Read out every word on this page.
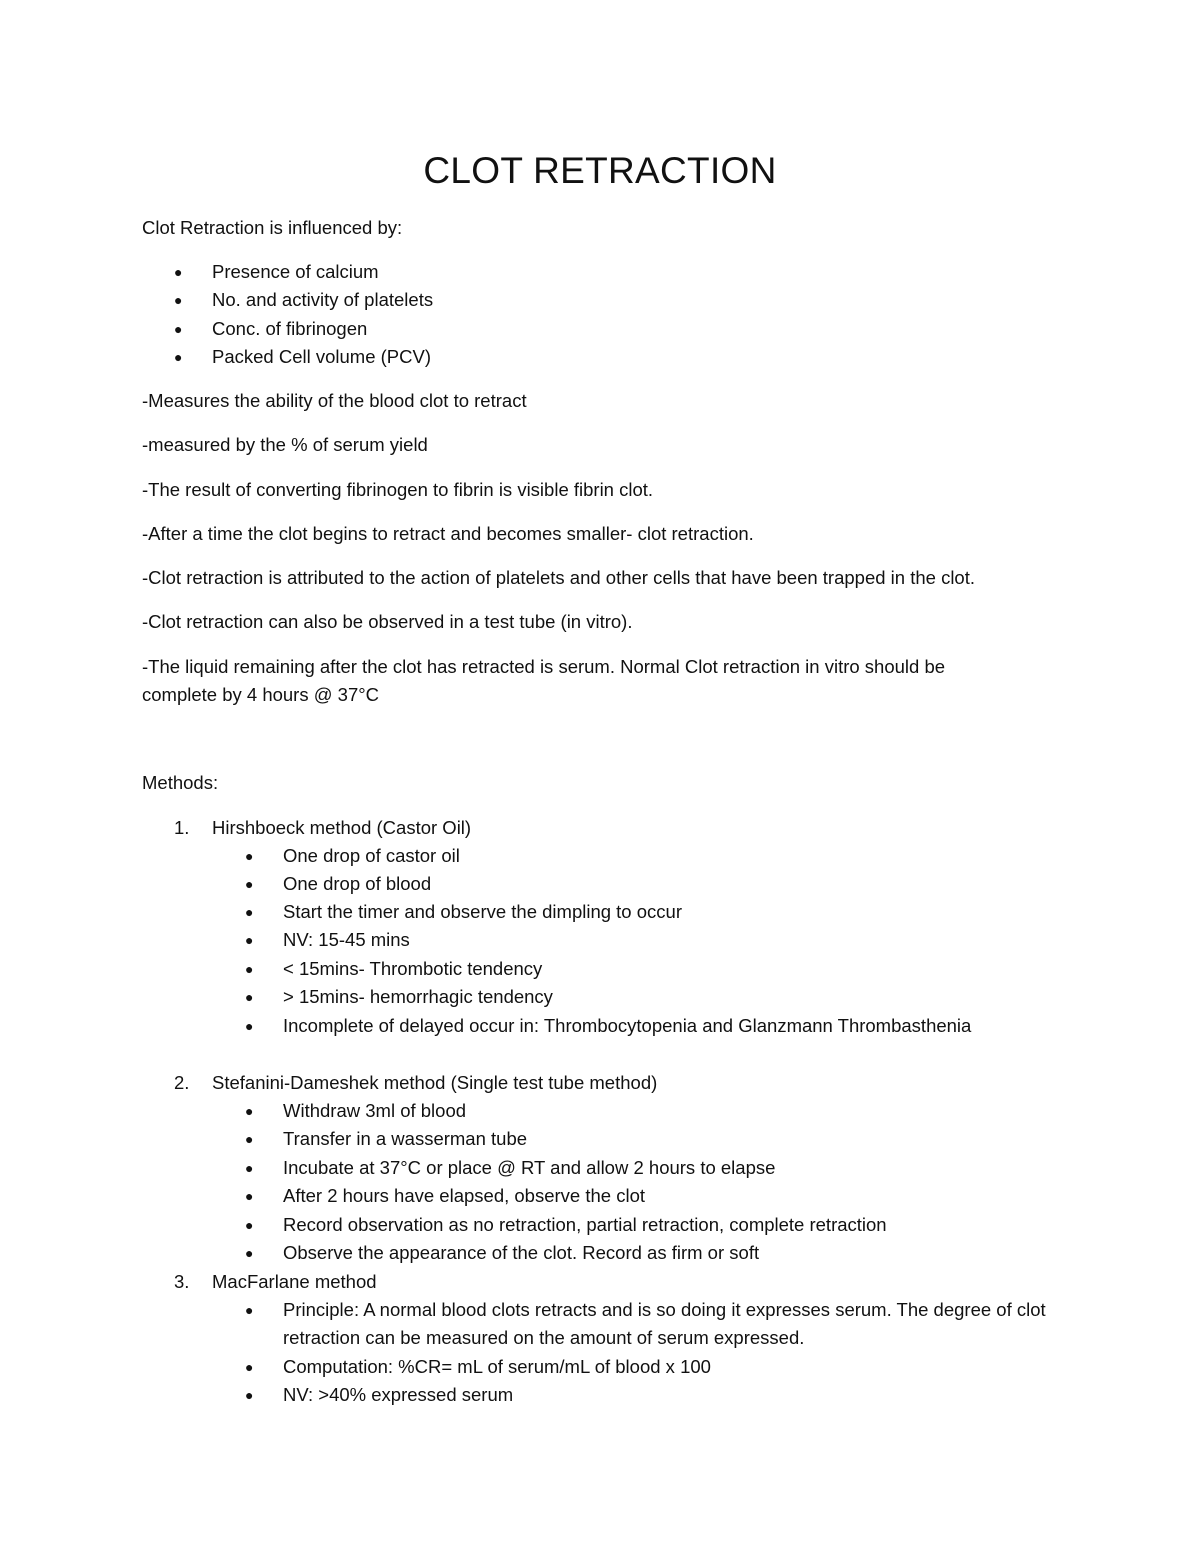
CLOT RETRACTION
Clot Retraction is influenced by:
● Presence of calcium
● No. and activity of platelets
● Conc. of fibrinogen
● Packed Cell volume (PCV)
-Measures the ability of the blood clot to retract
-measured by the % of serum yield
-The result of converting fibrinogen to fibrin is visible fibrin clot.
-After a time the clot begins to retract and becomes smaller- clot retraction.
-Clot retraction is attributed to the action of platelets and other cells that have been trapped in the clot.
-Clot retraction can also be observed in a test tube (in vitro).
-The liquid remaining after the clot has retracted is serum. Normal Clot retraction in vitro should be complete by 4 hours @ 37°C
Methods:
1. Hirshboeck method (Castor Oil)
● One drop of castor oil
● One drop of blood
● Start the timer and observe the dimpling to occur
● NV: 15-45 mins
● < 15mins- Thrombotic tendency
● > 15mins- hemorrhagic tendency
● Incomplete of delayed occur in: Thrombocytopenia and Glanzmann Thrombasthenia
2. Stefanini-Dameshek method (Single test tube method)
● Withdraw 3ml of blood
● Transfer in a wasserman tube
● Incubate at 37°C or place @ RT and allow 2 hours to elapse
● After 2 hours have elapsed, observe the clot
● Record observation as no retraction, partial retraction, complete retraction
● Observe the appearance of the clot. Record as firm or soft
3. MacFarlane method
● Principle: A normal blood clots retracts and is so doing it expresses serum. The degree of clot retraction can be measured on the amount of serum expressed.
● Computation: %CR= mL of serum/mL of blood x 100
● NV: >40% expressed serum
